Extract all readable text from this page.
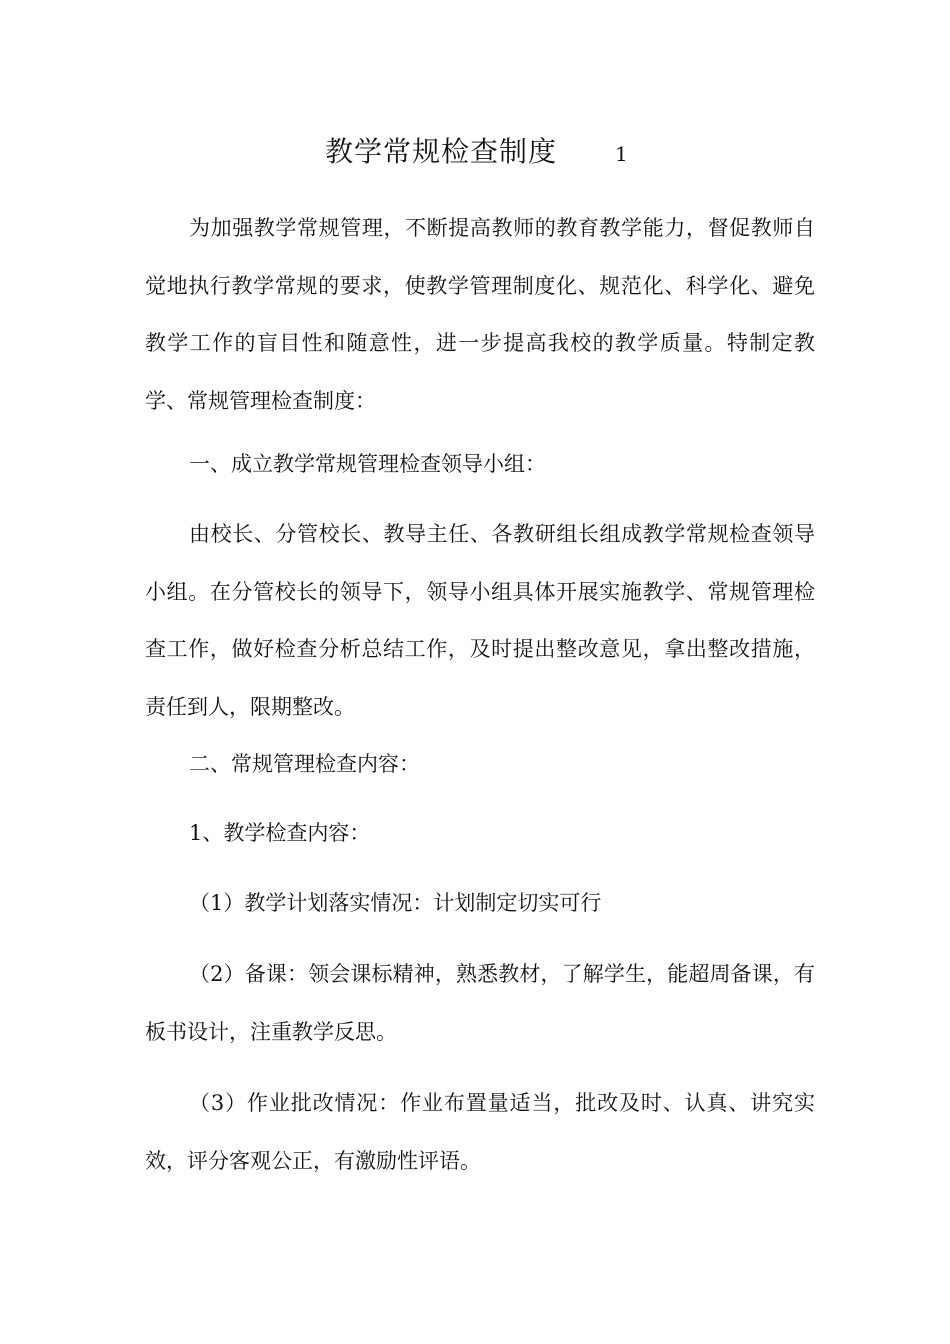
教学常规检查制度	1

为加强教学常规管理，不断提高教师的教育教学能力，督促教师自觉地执行教学常规的要求，使教学管理制度化、规范化、科学化、避免教学工作的盲目性和随意性，进一步提高我校的教学质量。特制定教学、常规管理检查制度：

一、成立教学常规管理检查领导小组：

由校长、分管校长、教导主任、各教研组长组成教学常规检查领导小组。在分管校长的领导下，领导小组具体开展实施教学、常规管理检查工作，做好检查分析总结工作，及时提出整改意见，拿出整改措施，责任到人，限期整改。

二、常规管理检查内容：

1、教学检查内容：

（1）教学计划落实情况：计划制定切实可行

（2）备课：领会课标精神，熟悉教材，了解学生，能超周备课，有板书设计，注重教学反思。

（3）作业批改情况：作业布置量适当，批改及时、认真、讲究实效，评分客观公正，有激励性评语。
